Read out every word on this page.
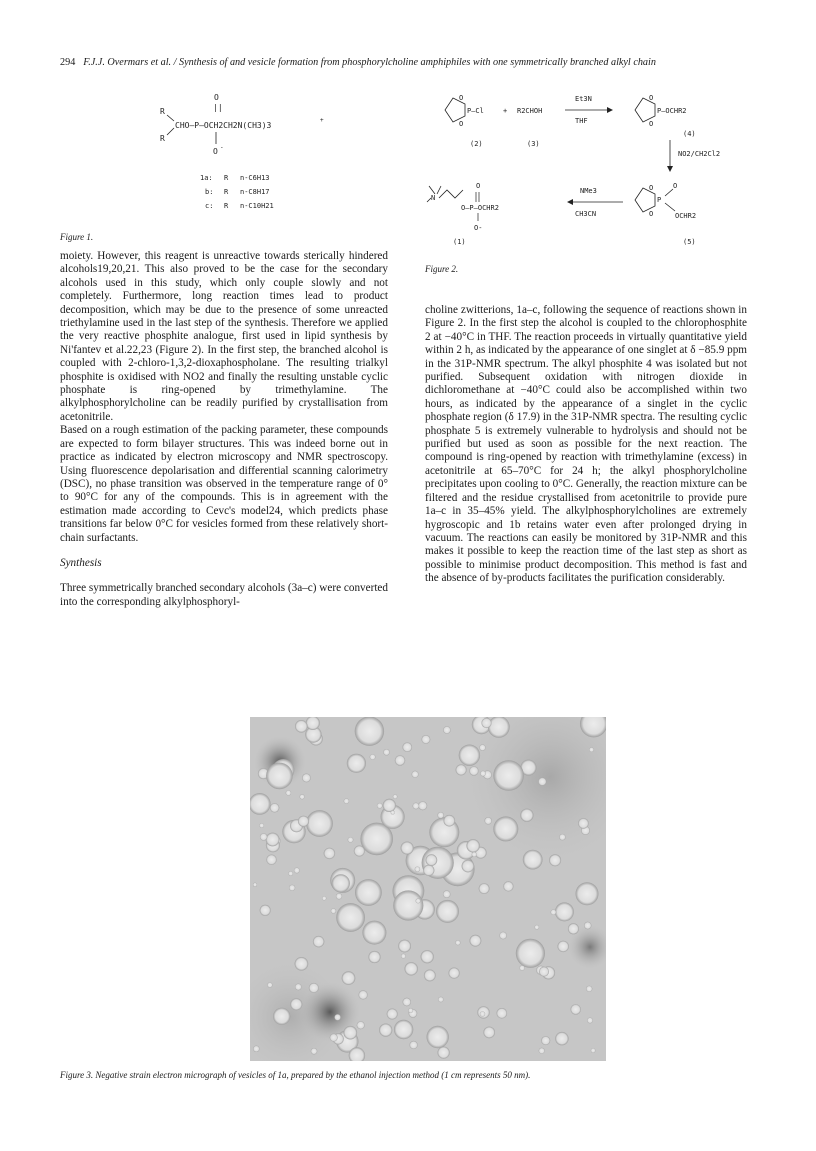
294 F.J.J. Overmars et al. / Synthesis of and vesicle formation from phosphorylcholine amphiphiles with one symmetrically branched alkyl chain
O
||
R
R
CHO—P—OCH2CH2N(CH3)3
+
O -
1a: R n-C6H13
b: R n-C8H17
c: R n-C10H21
Figure 1.
O
O
P—Cl	+ R2CHOH
(2)	(3)
Et3N
THF
O
O
P—OCHR2
(4)
NO2/CH2Cl2
O
O
P
O
OCHR2
(5)
NMe3
CH3CN
N
O—P—OCHR2
O
O-
(1)
Figure 2.

moiety. However, this reagent is unreactive towards sterically hindered alcohols19,20,21. This also proved to be the case for the secondary alcohols used in this study, which only couple slowly and not completely. Furthermore, long reaction times lead to product decomposition, which may be due to the presence of some unreacted triethylamine used in the last step of the synthesis. Therefore we applied the very reactive phosphite analogue, first used in lipid synthesis by Ni'fantev et al.22,23 (Figure 2). In the first step, the branched alcohol is coupled with 2-chloro-1,3,2-dioxaphospholane. The resulting trialkyl phosphite is oxidised with NO2 and finally the resulting unstable cyclic phosphate is ring-opened by trimethylamine. The alkylphosphorylcholine can be readily purified by crystallisation from acetonitrile.

Based on a rough estimation of the packing parameter, these compounds are expected to form bilayer structures. This was indeed borne out in practice as indicated by electron microscopy and NMR spectroscopy. Using fluorescence depolarisation and differential scanning calorimetry (DSC), no phase transition was observed in the temperature range of 0° to 90°C for any of the compounds. This is in agreement with the estimation made according to Cevc's model24, which predicts phase transitions far below 0°C for vesicles formed from these relatively short-chain surfactants.

Synthesis

Three symmetrically branched secondary alcohols (3a–c) were converted into the corresponding alkylphosphoryl-

choline zwitterions, 1a–c, following the sequence of reactions shown in Figure 2. In the first step the alcohol is coupled to the chlorophosphite 2 at −40°C in THF. The reaction proceeds in virtually quantitative yield within 2 h, as indicated by the appearance of one singlet at δ −85.9 ppm in the 31P-NMR spectrum. The alkyl phosphite 4 was isolated but not purified. Subsequent oxidation with nitrogen dioxide in dichloromethane at −40°C could also be accomplished within two hours, as indicated by the appearance of a singlet in the cyclic phosphate region (δ 17.9) in the 31P-NMR spectra. The resulting cyclic phosphate 5 is extremely vulnerable to hydrolysis and should not be purified but used as soon as possible for the next reaction. The compound is ring-opened by reaction with trimethylamine (excess) in acetonitrile at 65–70°C for 24 h; the alkyl phosphorylcholine precipitates upon cooling to 0°C. Generally, the reaction mixture can be filtered and the residue crystallised from acetonitrile to provide pure 1a–c in 35–45% yield. The alkylphosphorylcholines are extremely hygroscopic and 1b retains water even after prolonged drying in vacuum. The reactions can easily be monitored by 31P-NMR and this makes it possible to keep the reaction time of the last step as short as possible to minimise product decomposition. This method is fast and the absence of by-products facilitates the purification considerably.

Figure 3. Negative strain electron micrograph of vesicles of 1a, prepared by the ethanol injection method (1 cm represents 50 nm).
